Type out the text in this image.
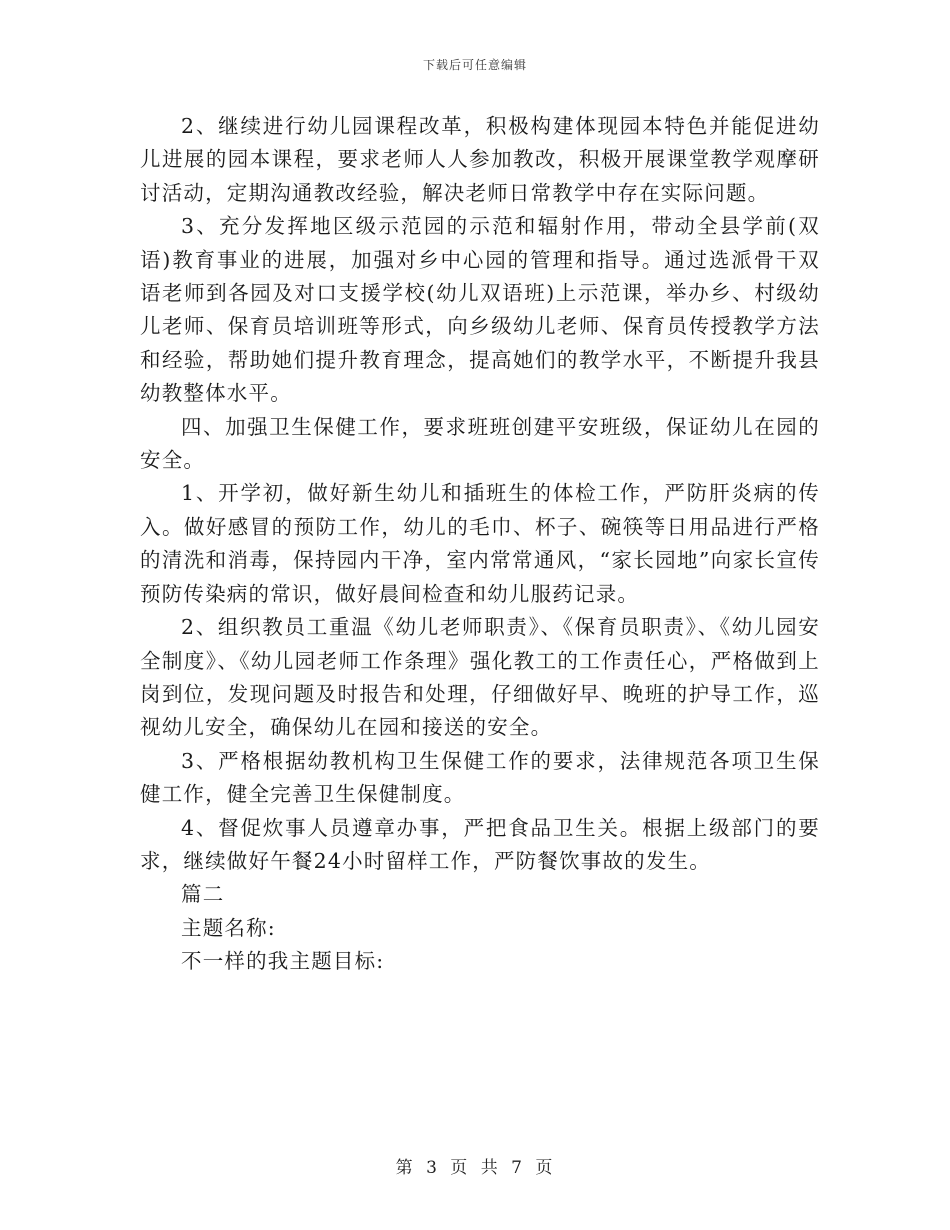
下载后可任意编辑

2、继续进行幼儿园课程改革，积极构建体现园本特色并能促进幼儿进展的园本课程，要求老师人人参加教改，积极开展课堂教学观摩研讨活动，定期沟通教改经验，解决老师日常教学中存在实际问题。

3、充分发挥地区级示范园的示范和辐射作用，带动全县学前(双语)教育事业的进展，加强对乡中心园的管理和指导。通过选派骨干双语老师到各园及对口支援学校(幼儿双语班)上示范课，举办乡、村级幼儿老师、保育员培训班等形式，向乡级幼儿老师、保育员传授教学方法和经验，帮助她们提升教育理念，提高她们的教学水平，不断提升我县幼教整体水平。

四、加强卫生保健工作，要求班班创建平安班级，保证幼儿在园的安全。

1、开学初，做好新生幼儿和插班生的体检工作，严防肝炎病的传入。做好感冒的预防工作，幼儿的毛巾、杯子、碗筷等日用品进行严格的清洗和消毒，保持园内干净，室内常常通风，“家长园地”向家长宣传预防传染病的常识，做好晨间检查和幼儿服药记录。

2、组织教员工重温《幼儿老师职责》、《保育员职责》、《幼儿园安全制度》、《幼儿园老师工作条理》强化教工的工作责任心，严格做到上岗到位，发现问题及时报告和处理，仔细做好早、晚班的护导工作，巡视幼儿安全，确保幼儿在园和接送的安全。

3、严格根据幼教机构卫生保健工作的要求，法律规范各项卫生保健工作，健全完善卫生保健制度。

4、督促炊事人员遵章办事，严把食品卫生关。根据上级部门的要求，继续做好午餐24小时留样工作，严防餐饮事故的发生。

篇二

主题名称:

不一样的我主题目标:

第 3 页 共 7 页
